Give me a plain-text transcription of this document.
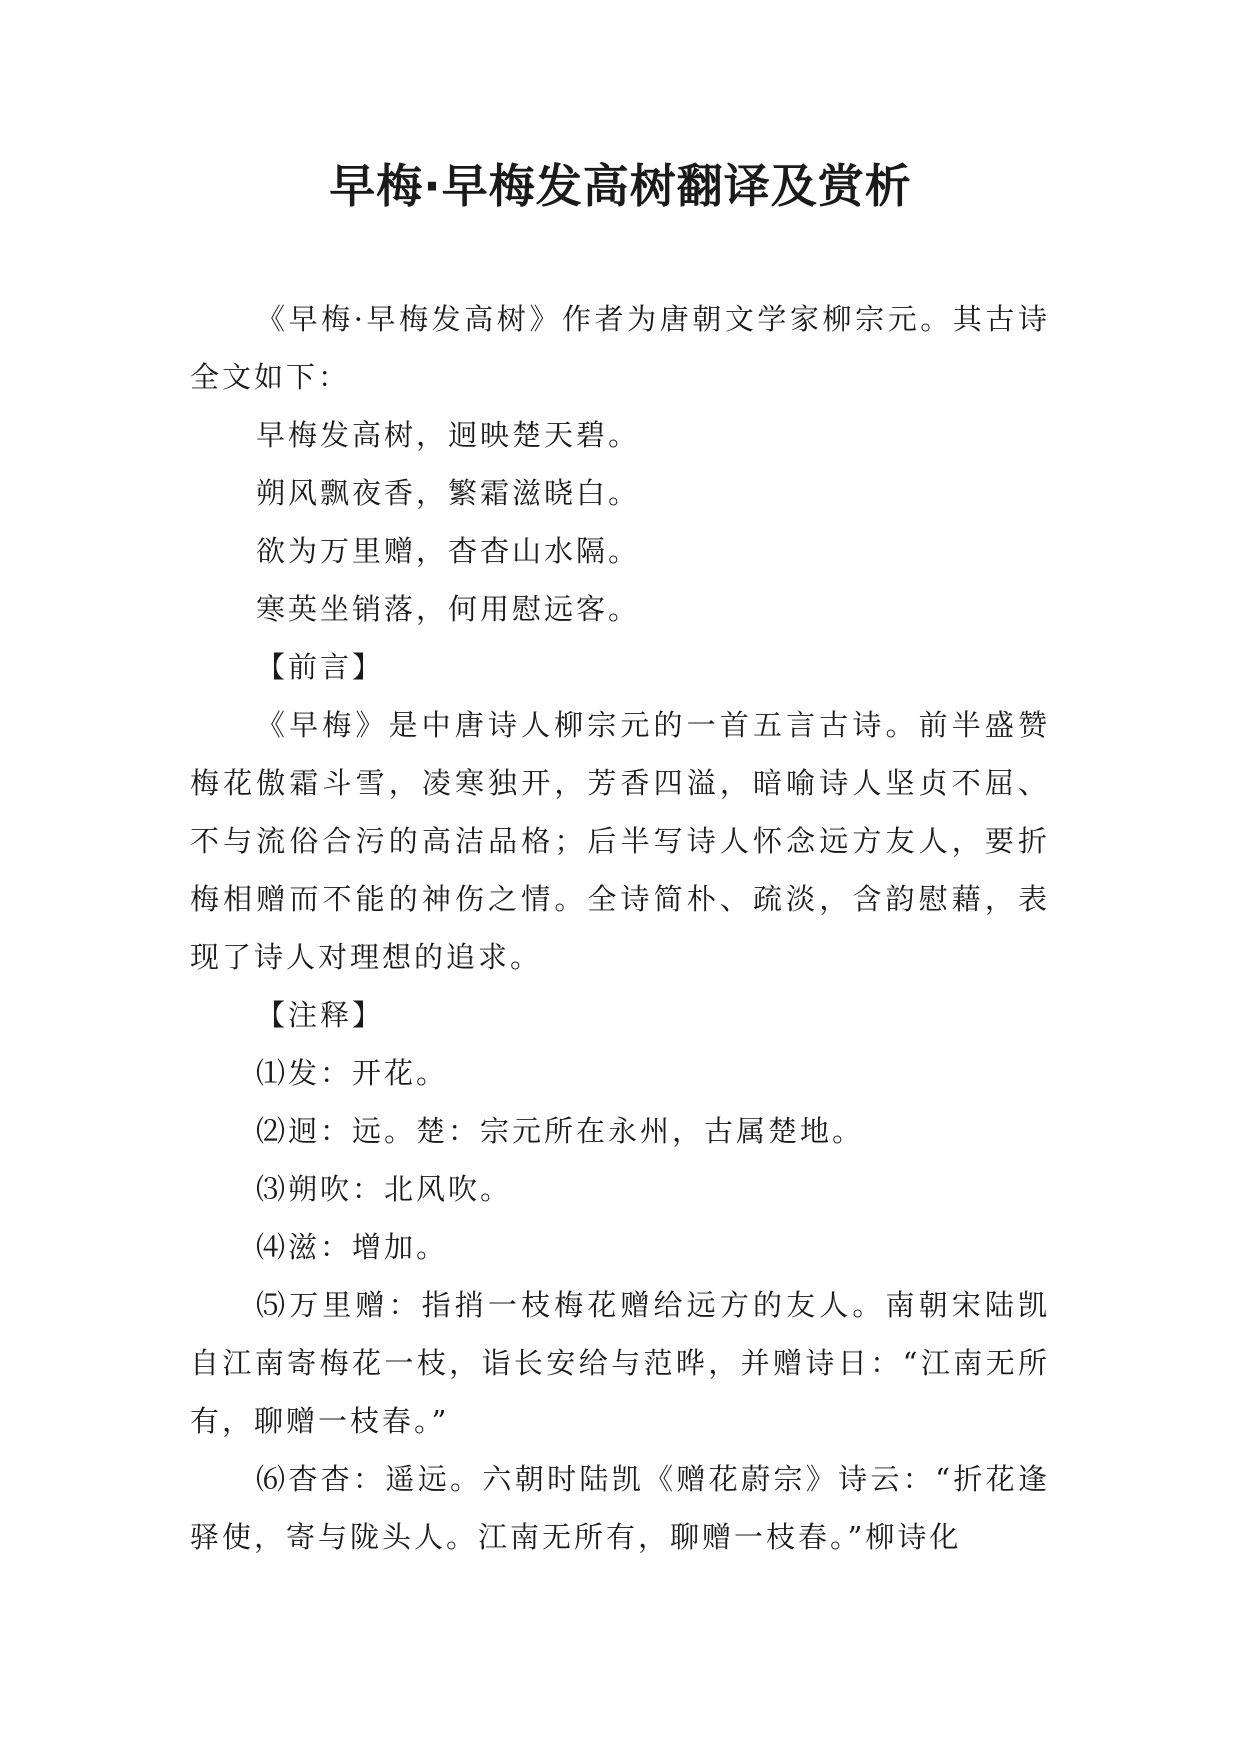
早梅·早梅发高树翻译及赏析

《早梅·早梅发高树》作者为唐朝文学家柳宗元。其古诗全文如下：

早梅发高树，迥映楚天碧。

朔风飘夜香，繁霜滋晓白。

欲为万里赠，杳杳山水隔。

寒英坐销落，何用慰远客。

【前言】

《早梅》是中唐诗人柳宗元的一首五言古诗。前半盛赞梅花傲霜斗雪，凌寒独开，芳香四溢，暗喻诗人坚贞不屈、不与流俗合污的高洁品格；后半写诗人怀念远方友人，要折梅相赠而不能的神伤之情。全诗简朴、疏淡，含韵慰藉，表现了诗人对理想的追求。

【注释】

⑴发：开花。

⑵迥：远。楚：宗元所在永州，古属楚地。

⑶朔吹：北风吹。

⑷滋：增加。

⑸万里赠：指捎一枝梅花赠给远方的友人。南朝宋陆凯自江南寄梅花一枝，诣长安给与范晔，并赠诗日：“江南无所有，聊赠一枝春。”

⑹杳杳：遥远。六朝时陆凯《赠花蔚宗》诗云：“折花逢驿使，寄与陇头人。江南无所有，聊赠一枝春。”柳诗化
